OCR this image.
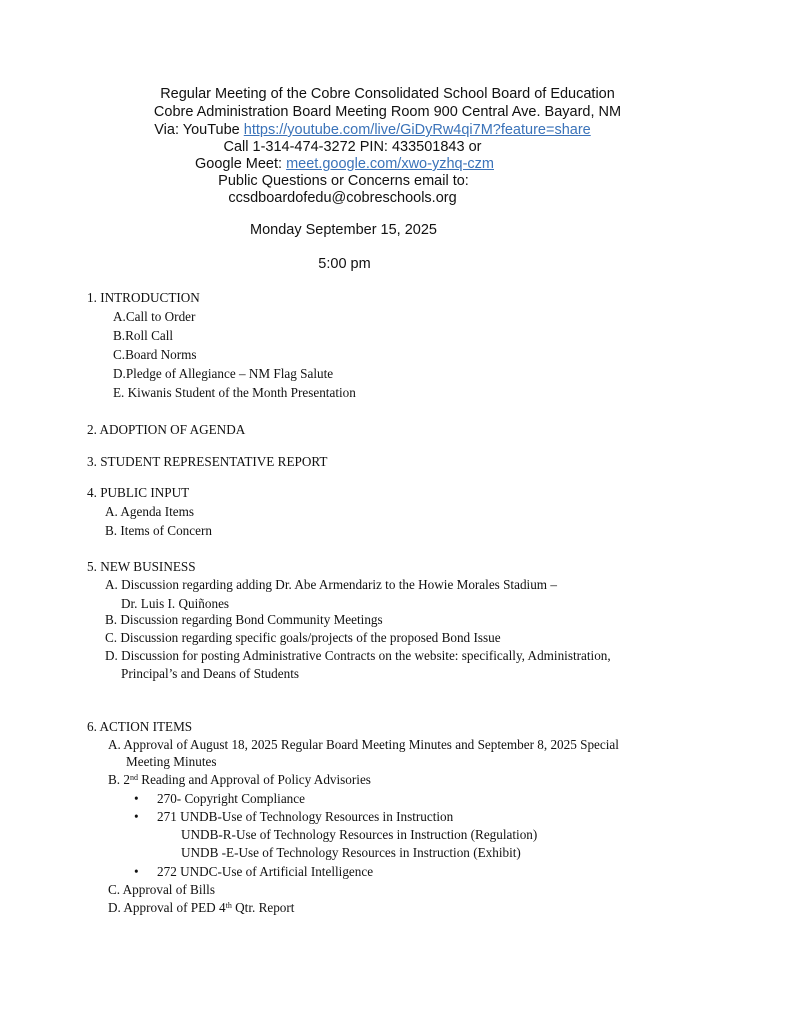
Regular Meeting of the Cobre Consolidated School Board of Education
Cobre Administration Board Meeting Room 900 Central Ave. Bayard, NM
Via: YouTube https://youtube.com/live/GiDyRw4qi7M?feature=share
Call 1-314-474-3272 PIN: 433501843 or
Google Meet: meet.google.com/xwo-yzhq-czm
Public Questions or Concerns email to:
ccsdboardofedu@cobreschools.org
Monday September 15, 2025
5:00 pm
1. INTRODUCTION
A.Call to Order
B.Roll Call
C.Board Norms
D.Pledge of Allegiance – NM Flag Salute
E. Kiwanis Student of the Month Presentation
2. ADOPTION OF AGENDA
3. STUDENT REPRESENTATIVE REPORT
4. PUBLIC INPUT
A. Agenda Items
B. Items of Concern
5. NEW BUSINESS
A. Discussion regarding adding Dr. Abe Armendariz to the Howie Morales Stadium –
Dr. Luis I. Quiñones
B. Discussion regarding Bond Community Meetings
C. Discussion regarding specific goals/projects of the proposed Bond Issue
D. Discussion for posting Administrative Contracts on the website: specifically, Administration,
Principal’s and Deans of Students
6. ACTION ITEMS
A. Approval of August 18, 2025 Regular Board Meeting Minutes and September 8, 2025 Special
Meeting Minutes
B. 2nd Reading and Approval of Policy Advisories
• 270- Copyright Compliance
• 271 UNDB-Use of Technology Resources in Instruction
UNDB-R-Use of Technology Resources in Instruction (Regulation)
UNDB -E-Use of Technology Resources in Instruction (Exhibit)
• 272 UNDC-Use of Artificial Intelligence
C. Approval of Bills
D. Approval of PED 4th Qtr. Report
